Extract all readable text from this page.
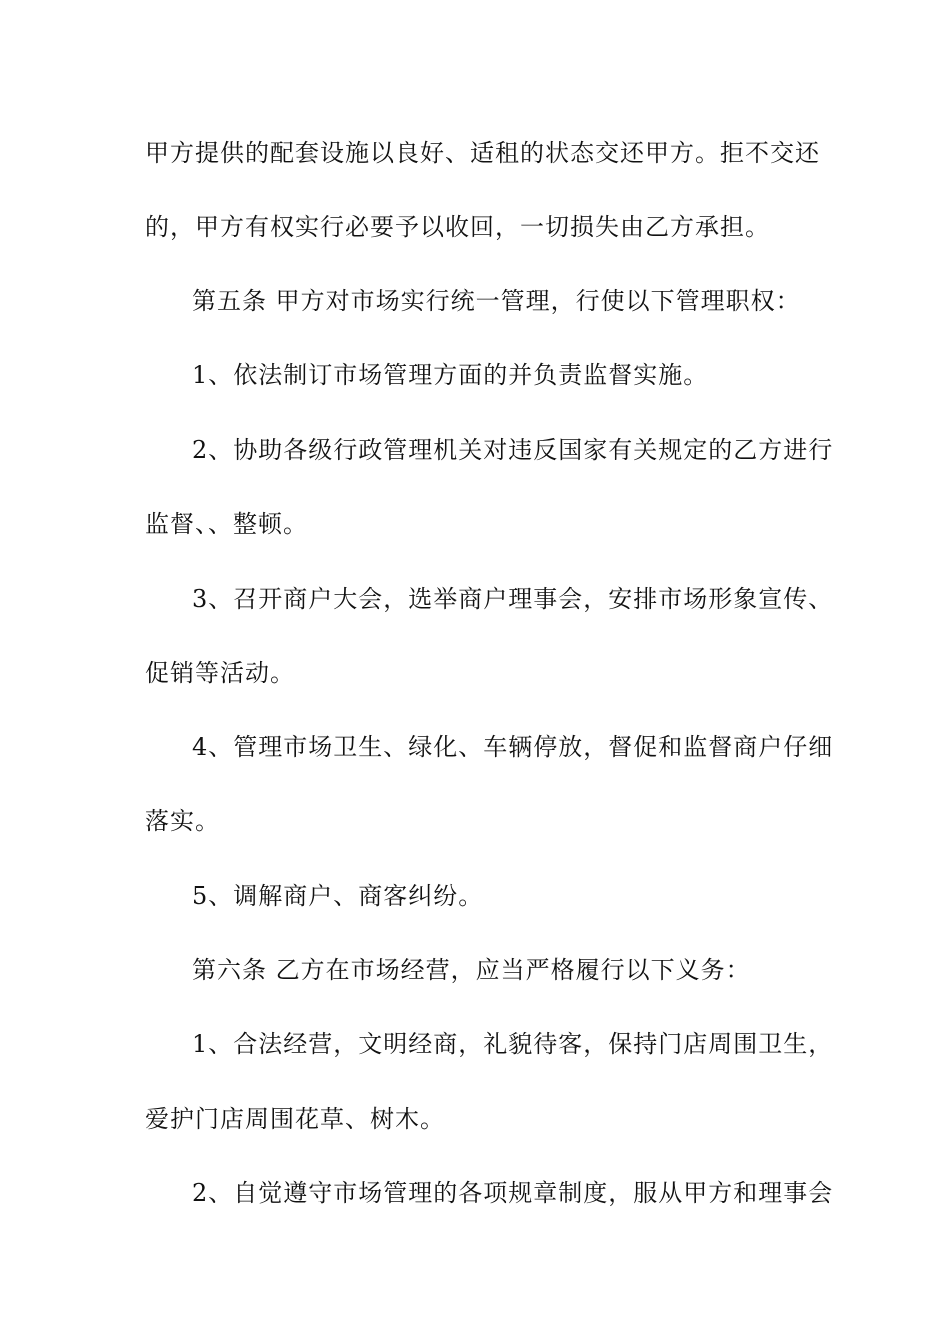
甲方提供的配套设施以良好、适租的状态交还甲方。拒不交还
的，甲方有权实行必要予以收回，一切损失由乙方承担。
第五条 甲方对市场实行统一管理，行使以下管理职权：
1、依法制订市场管理方面的并负责监督实施。
2、协助各级行政管理机关对违反国家有关规定的乙方进行
监督、、整顿。
3、召开商户大会，选举商户理事会，安排市场形象宣传、
促销等活动。
4、管理市场卫生、绿化、车辆停放，督促和监督商户仔细
落实。
5、调解商户、商客纠纷。
第六条 乙方在市场经营，应当严格履行以下义务：
1、合法经营，文明经商，礼貌待客，保持门店周围卫生，
爱护门店周围花草、树木。
2、自觉遵守市场管理的各项规章制度，服从甲方和理事会
